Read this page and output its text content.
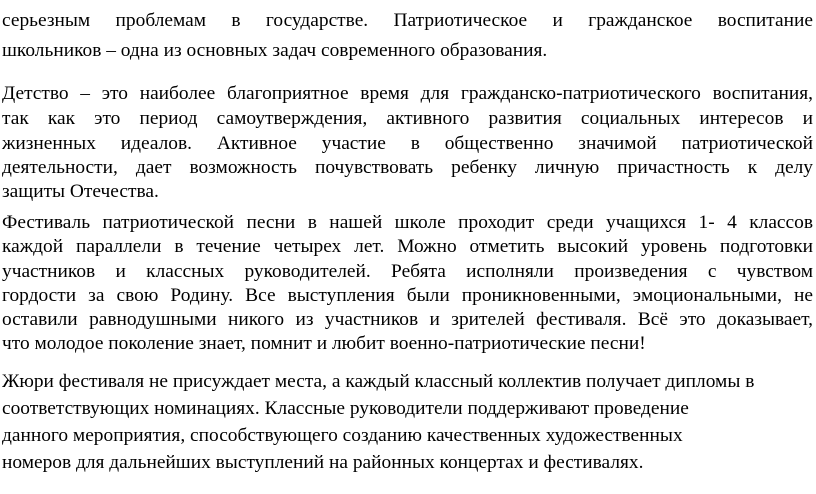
серьезным проблемам в государстве. Патриотическое и гражданское воспитание
школьников – одна из основных задач современного образования.
Детство – это наиболее благоприятное время для гражданско-патриотического воспитания,
так как это период самоутверждения, активного развития социальных интересов и
жизненных идеалов. Активное участие в общественно значимой патриотической
деятельности, дает возможность почувствовать ребенку личную причастность к делу
защиты Отечества.
Фестиваль патриотической песни в нашей школе проходит среди учащихся 1- 4 классов
каждой параллели в течение четырех лет. Можно отметить высокий уровень подготовки
участников и классных руководителей. Ребята исполняли произведения с чувством
гордости за свою Родину. Все выступления были проникновенными, эмоциональными, не
оставили равнодушными никого из участников и зрителей фестиваля. Всё это доказывает,
что молодое поколение знает, помнит и любит военно-патриотические песни!
Жюри фестиваля не присуждает места, а каждый классный коллектив получает дипломы в
соответствующих номинациях. Классные руководители поддерживают проведение
данного мероприятия, способствующего созданию качественных художественных
номеров для дальнейших выступлений на районных концертах и фестивалях.
